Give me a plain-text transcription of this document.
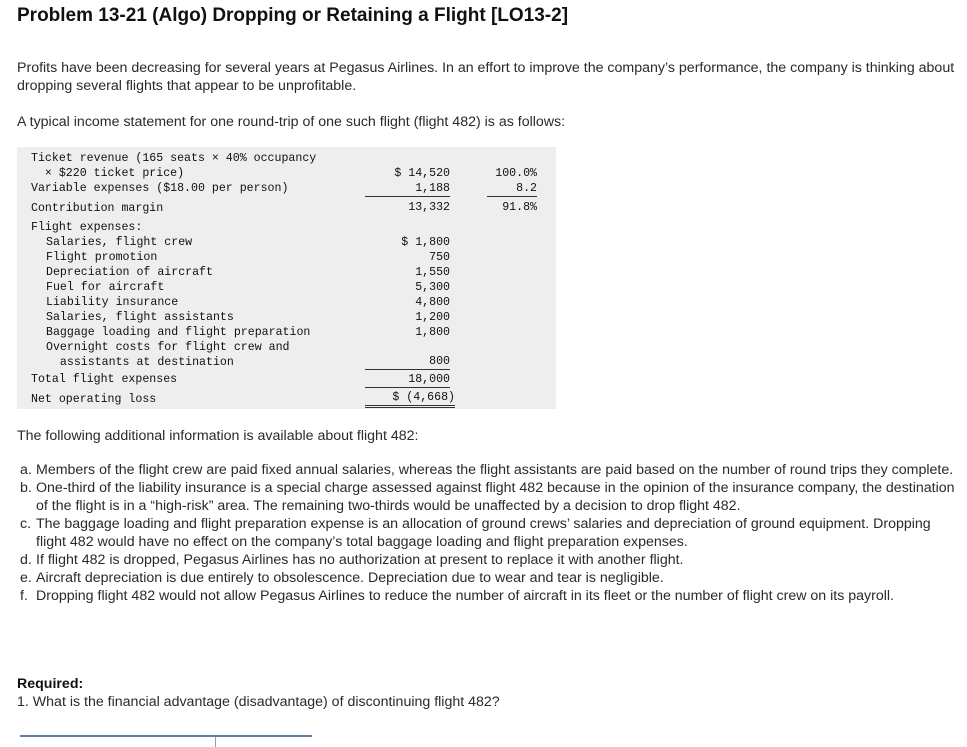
Problem 13-21 (Algo) Dropping or Retaining a Flight [LO13-2]
Profits have been decreasing for several years at Pegasus Airlines. In an effort to improve the company’s performance, the company is thinking about dropping several flights that appear to be unprofitable.
A typical income statement for one round-trip of one such flight (flight 482) is as follows:
Ticket revenue (165 seats × 40% occupancy
× $220 ticket price)	$ 14,520	100.0%
Variable expenses ($18.00 per person)	1,188	8.2
Contribution margin	13,332	91.8%
Flight expenses:
Salaries, flight crew	$ 1,800
Flight promotion	750
Depreciation of aircraft	1,550
Fuel for aircraft	5,300
Liability insurance	4,800
Salaries, flight assistants	1,200
Baggage loading and flight preparation	1,800
Overnight costs for flight crew and
assistants at destination	800
Total flight expenses	18,000
Net operating loss	$ (4,668)
The following additional information is available about flight 482:
a. Members of the flight crew are paid fixed annual salaries, whereas the flight assistants are paid based on the number of round trips they complete.
b. One-third of the liability insurance is a special charge assessed against flight 482 because in the opinion of the insurance company, the destination of the flight is in a “high-risk” area. The remaining two-thirds would be unaffected by a decision to drop flight 482.
c. The baggage loading and flight preparation expense is an allocation of ground crews’ salaries and depreciation of ground equipment. Dropping flight 482 would have no effect on the company’s total baggage loading and flight preparation expenses.
d. If flight 482 is dropped, Pegasus Airlines has no authorization at present to replace it with another flight.
e. Aircraft depreciation is due entirely to obsolescence. Depreciation due to wear and tear is negligible.
f. Dropping flight 482 would not allow Pegasus Airlines to reduce the number of aircraft in its fleet or the number of flight crew on its payroll.
Required:
1. What is the financial advantage (disadvantage) of discontinuing flight 482?
